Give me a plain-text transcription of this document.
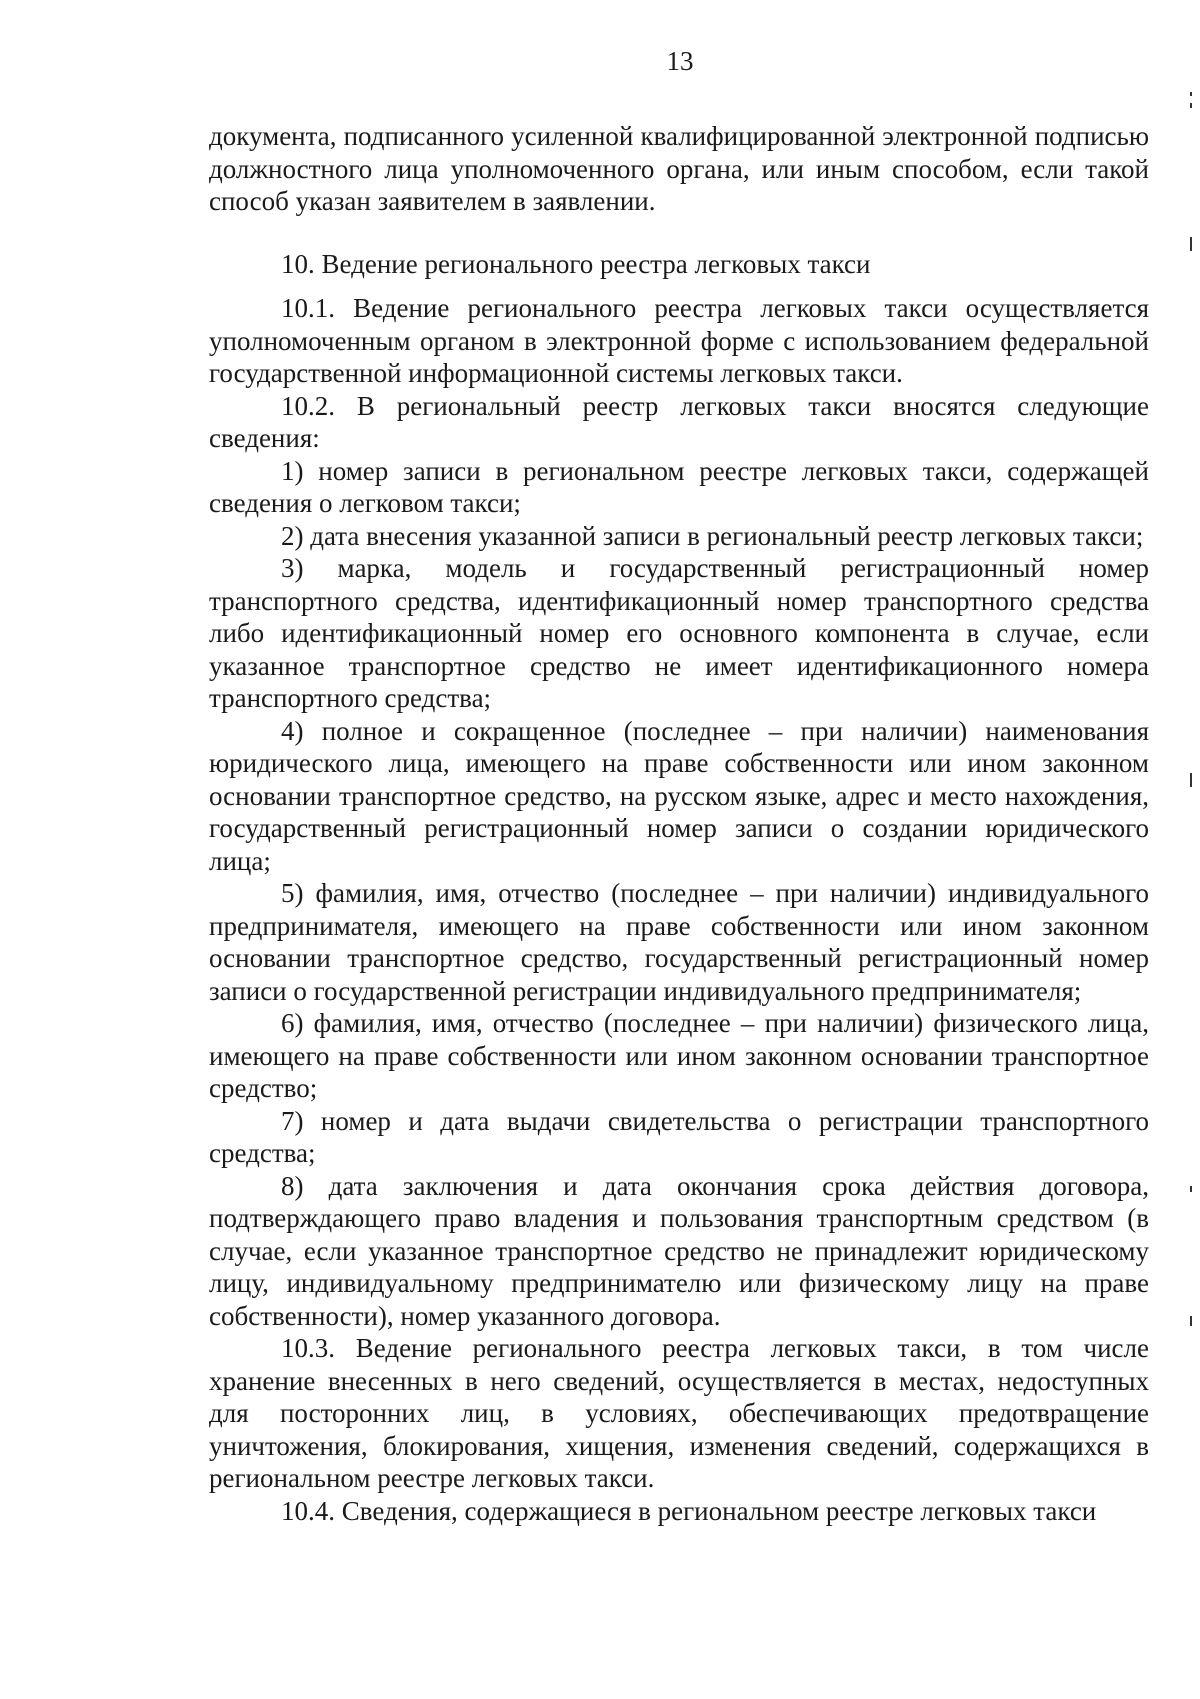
13

документа, подписанного усиленной квалифицированной электронной подписью должностного лица уполномоченного органа, или иным способом, если такой способ указан заявителем в заявлении.

10. Ведение регионального реестра легковых такси

10.1. Ведение регионального реестра легковых такси осуществляется уполномоченным органом в электронной форме с использованием федеральной государственной информационной системы легковых такси.

10.2. В региональный реестр легковых такси вносятся следующие сведения:

1) номер записи в региональном реестре легковых такси, содержащей сведения о легковом такси;

2) дата внесения указанной записи в региональный реестр легковых такси;

3) марка, модель и государственный регистрационный номер транспортного средства, идентификационный номер транспортного средства либо идентификационный номер его основного компонента в случае, если указанное транспортное средство не имеет идентификационного номера транспортного средства;

4) полное и сокращенное (последнее – при наличии) наименования юридического лица, имеющего на праве собственности или ином законном основании транспортное средство, на русском языке, адрес и место нахождения, государственный регистрационный номер записи о создании юридического лица;

5) фамилия, имя, отчество (последнее – при наличии) индивидуального предпринимателя, имеющего на праве собственности или ином законном основании транспортное средство, государственный регистрационный номер записи о государственной регистрации индивидуального предпринимателя;

6) фамилия, имя, отчество (последнее – при наличии) физического лица, имеющего на праве собственности или ином законном основании транспортное средство;

7) номер и дата выдачи свидетельства о регистрации транспортного средства;

8) дата заключения и дата окончания срока действия договора, подтверждающего право владения и пользования транспортным средством (в случае, если указанное транспортное средство не принадлежит юридическому лицу, индивидуальному предпринимателю или физическому лицу на праве собственности), номер указанного договора.

10.3. Ведение регионального реестра легковых такси, в том числе хранение внесенных в него сведений, осуществляется в местах, недоступных для посторонних лиц, в условиях, обеспечивающих предотвращение уничтожения, блокирования, хищения, изменения сведений, содержащихся в региональном реестре легковых такси.

10.4. Сведения, содержащиеся в региональном реестре легковых такси
